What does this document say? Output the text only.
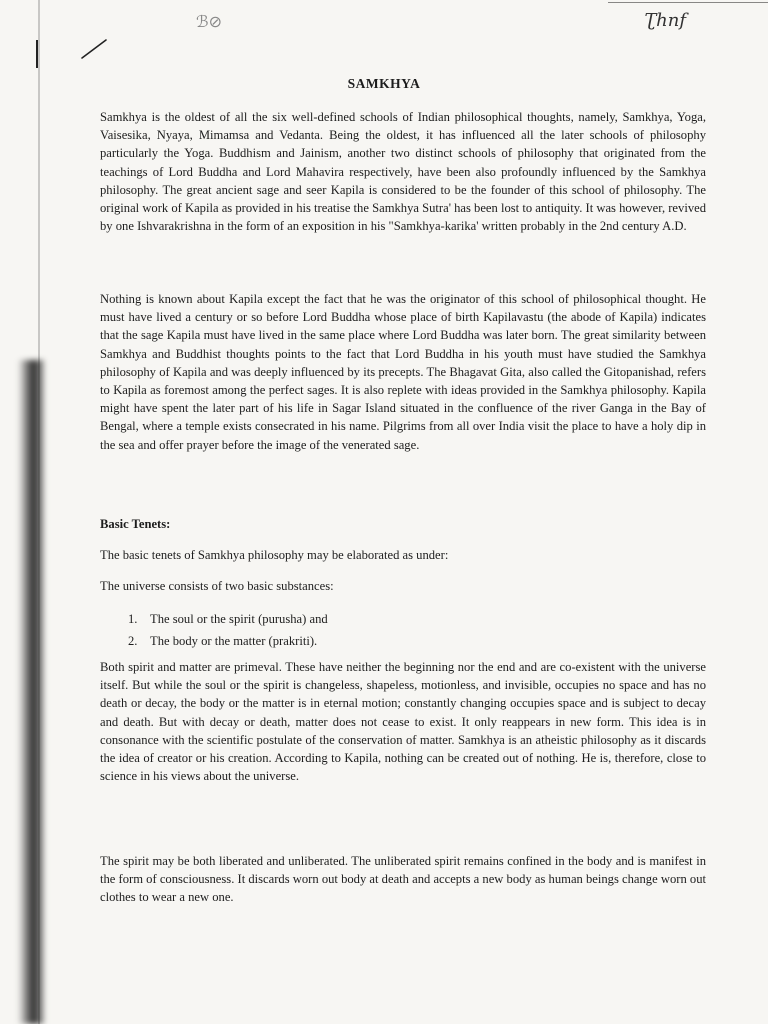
ℬ⊘	Ʈhnf
SAMKHYA

Samkhya is the oldest of all the six well-defined schools of Indian philosophical thoughts, namely, Samkhya, Yoga, Vaisesika, Nyaya, Mimamsa and Vedanta. Being the oldest, it has influenced all the later schools of philosophy particularly the Yoga. Buddhism and Jainism, another two distinct schools of philosophy that originated from the teachings of Lord Buddha and Lord Mahavira respectively, have been also profoundly influenced by the Samkhya philosophy. The great ancient sage and seer Kapila is considered to be the founder of this school of philosophy. The original work of Kapila as provided in his treatise the Samkhya Sutra' has been lost to antiquity. It was however, revived by one Ishvarakrishna in the form of an exposition in his "Samkhya-karika' written probably in the 2nd century A.D.

Nothing is known about Kapila except the fact that he was the originator of this school of philosophical thought. He must have lived a century or so before Lord Buddha whose place of birth Kapilavastu (the abode of Kapila) indicates that the sage Kapila must have lived in the same place where Lord Buddha was later born. The great similarity between Samkhya and Buddhist thoughts points to the fact that Lord Buddha in his youth must have studied the Samkhya philosophy of Kapila and was deeply influenced by its precepts. The Bhagavat Gita, also called the Gitopanishad, refers to Kapila as foremost among the perfect sages. It is also replete with ideas provided in the Samkhya philosophy. Kapila might have spent the later part of his life in Sagar Island situated in the confluence of the river Ganga in the Bay of Bengal, where a temple exists consecrated in his name. Pilgrims from all over India visit the place to have a holy dip in the sea and offer prayer before the image of the venerated sage.

Basic Tenets:

The basic tenets of Samkhya philosophy may be elaborated as under:

The universe consists of two basic substances:

1. The soul or the spirit (purusha) and
2. The body or the matter (prakriti).

Both spirit and matter are primeval. These have neither the beginning nor the end and are co-existent with the universe itself. But while the soul or the spirit is changeless, shapeless, motionless, and invisible, occupies no space and has no death or decay, the body or the matter is in eternal motion; constantly changing occupies space and is subject to decay and death. But with decay or death, matter does not cease to exist. It only reappears in new form. This idea is in consonance with the scientific postulate of the conservation of matter. Samkhya is an atheistic philosophy as it discards the idea of creator or his creation. According to Kapila, nothing can be created out of nothing. He is, therefore, close to science in his views about the universe.

The spirit may be both liberated and unliberated. The unliberated spirit remains confined in the body and is manifest in the form of consciousness. It discards worn out body at death and accepts a new body as human beings change worn out clothes to wear a new one.
